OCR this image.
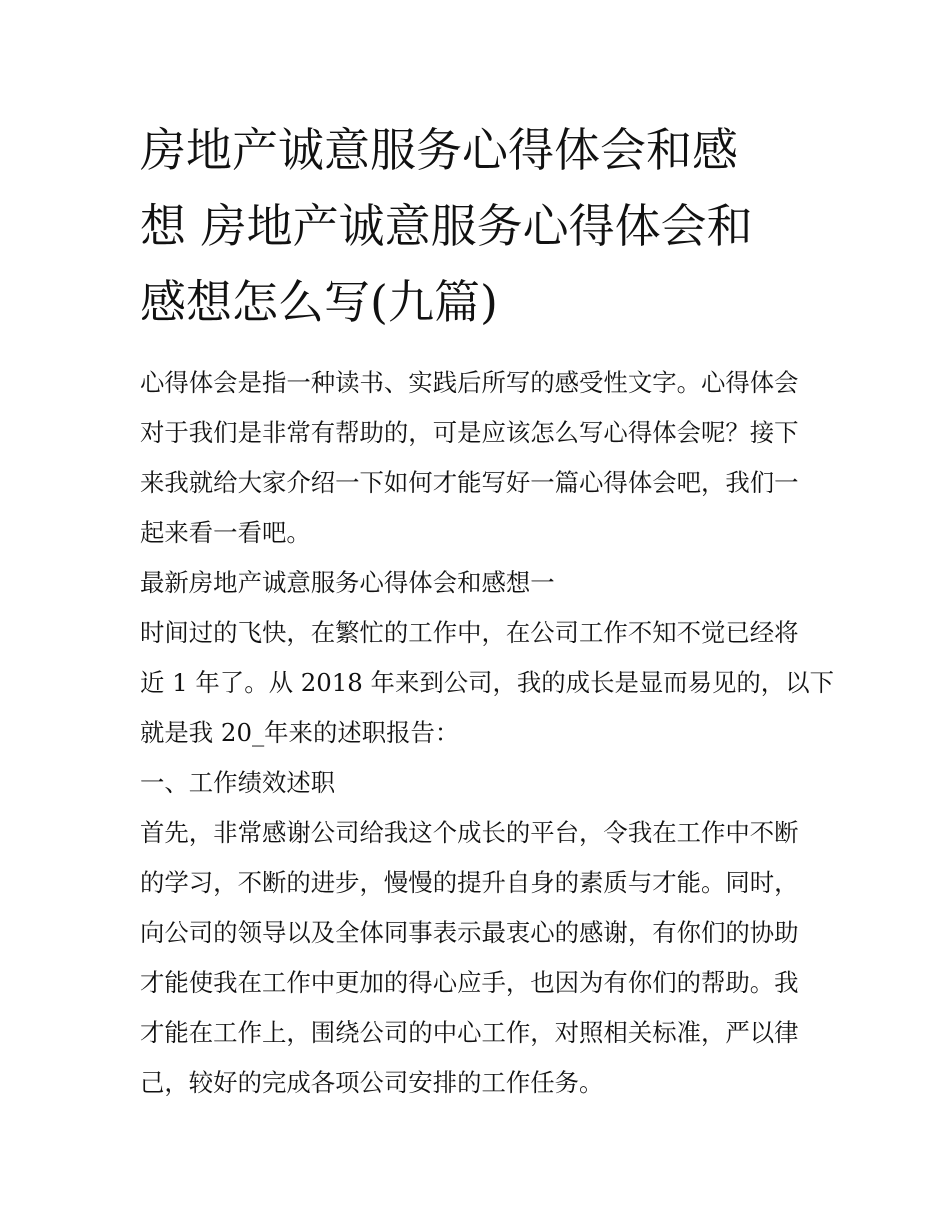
房地产诚意服务心得体会和感
想 房地产诚意服务心得体会和
感想怎么写(九篇)

心得体会是指一种读书、实践后所写的感受性文字。心得体会
对于我们是非常有帮助的，可是应该怎么写心得体会呢？接下
来我就给大家介绍一下如何才能写好一篇心得体会吧，我们一
起来看一看吧。

最新房地产诚意服务心得体会和感想一

时间过的飞快，在繁忙的工作中，在公司工作不知不觉已经将
近 1 年了。从 2018 年来到公司，我的成长是显而易见的，以下
就是我 20_年来的述职报告：

一、工作绩效述职

首先，非常感谢公司给我这个成长的平台，令我在工作中不断
的学习，不断的进步，慢慢的提升自身的素质与才能。同时，
向公司的领导以及全体同事表示最衷心的感谢，有你们的协助
才能使我在工作中更加的得心应手，也因为有你们的帮助。我
才能在工作上，围绕公司的中心工作，对照相关标准，严以律
己，较好的完成各项公司安排的工作任务。
